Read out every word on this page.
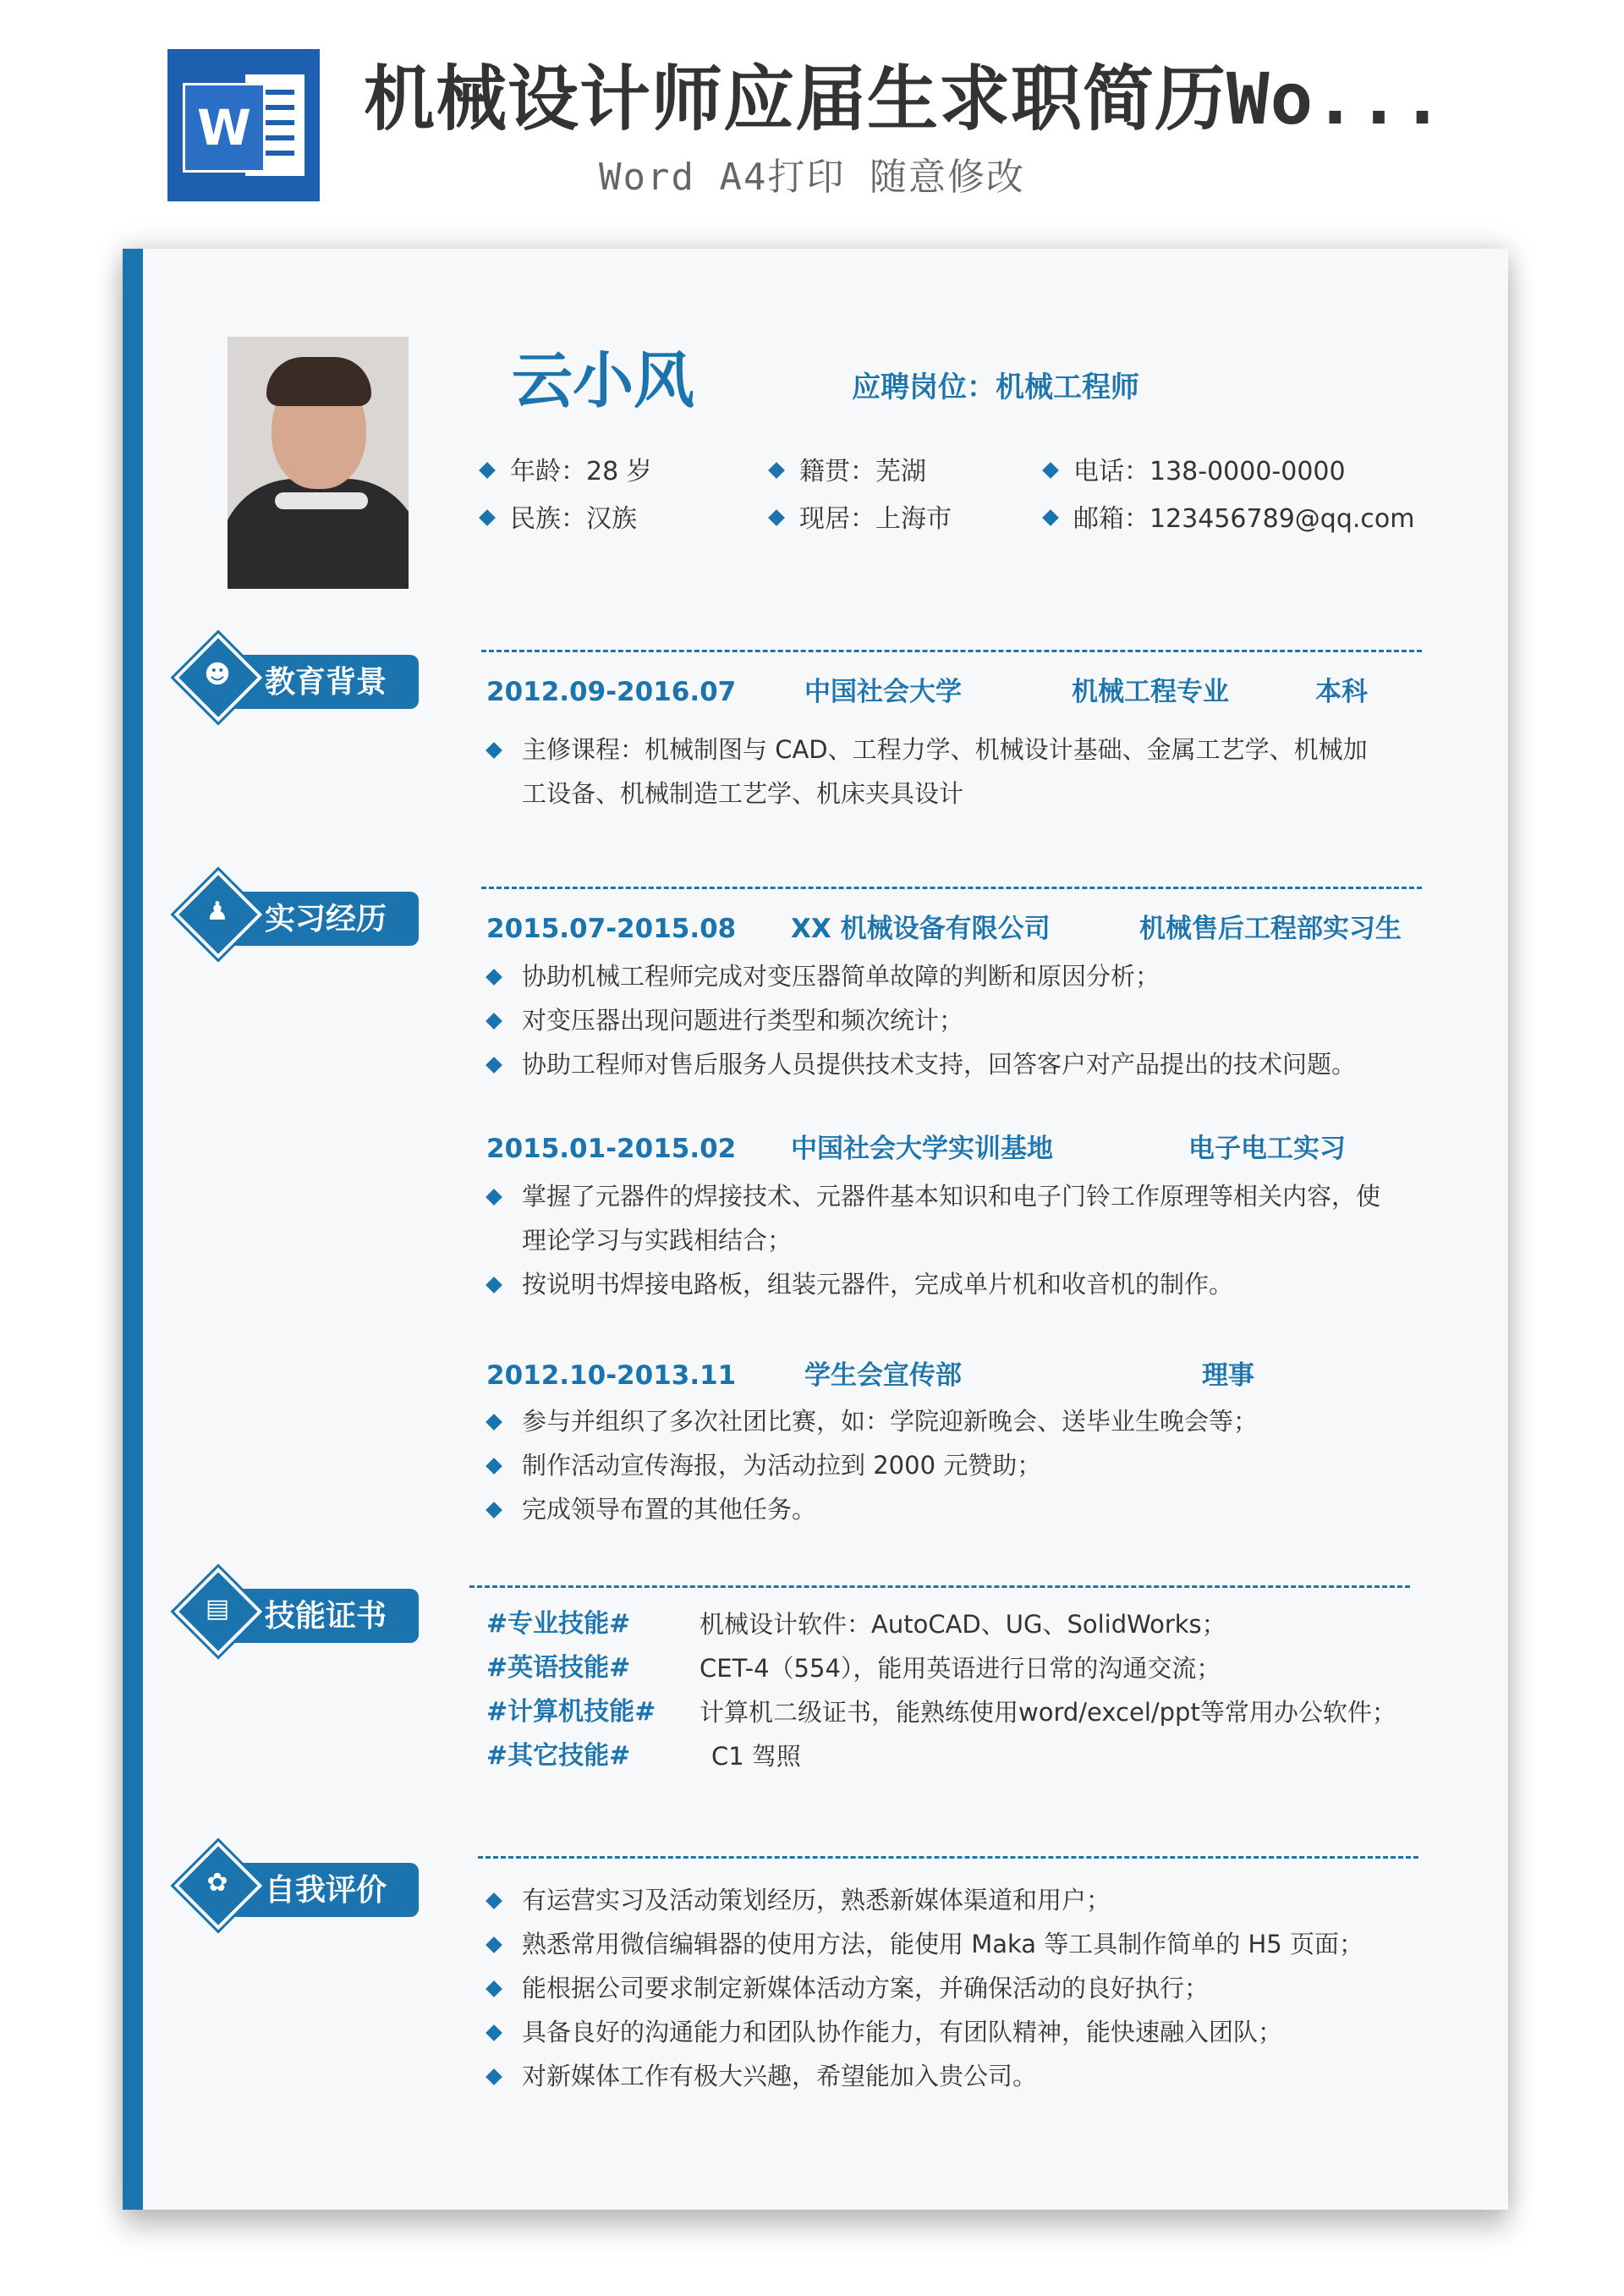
W 机械设计师应届生求职简历Wo...
Word A4打印 随意修改
云小风	应聘岗位：机械工程师
年龄：28 岁	籍贯：芜湖	电话：138-0000-0000
民族：汉族	现居：上海市	邮箱：123456789@qq.com
教育背景
☻
2012.09-2016.07	中国社会大学	机械工程专业	本科
主修课程：机械制图与 CAD、工程力学、机械设计基础、金属工艺学、机械加
工设备、机械制造工艺学、机床夹具设计
实习经历
♟
2015.07-2015.08 XX 机械设备有限公司	机械售后工程部实习生
协助机械工程师完成对变压器简单故障的判断和原因分析；
对变压器出现问题进行类型和频次统计；
协助工程师对售后服务人员提供技术支持，回答客户对产品提出的技术问题。
2015.01-2015.02 中国社会大学实训基地	电子电工实习
掌握了元器件的焊接技术、元器件基本知识和电子门铃工作原理等相关内容，使
理论学习与实践相结合；
按说明书焊接电路板，组装元器件，完成单片机和收音机的制作。
2012.10-2013.11	学生会宣传部	理事
参与并组织了多次社团比赛，如：学院迎新晚会、送毕业生晚会等；
制作活动宣传海报，为活动拉到 2000 元赞助；
完成领导布置的其他任务。
技能证书
▤
#专业技能#	机械设计软件：AutoCAD、UG、SolidWorks；
#英语技能#	CET-4（554），能用英语进行日常的沟通交流；
#计算机技能# 计算机二级证书，能熟练使用word/excel/ppt等常用办公软件；
#其它技能#	C1 驾照
自我评价
✿
有运营实习及活动策划经历，熟悉新媒体渠道和用户；
熟悉常用微信编辑器的使用方法，能使用 Maka 等工具制作简单的 H5 页面；
能根据公司要求制定新媒体活动方案，并确保活动的良好执行；
具备良好的沟通能力和团队协作能力，有团队精神，能快速融入团队；
对新媒体工作有极大兴趣，希望能加入贵公司。
